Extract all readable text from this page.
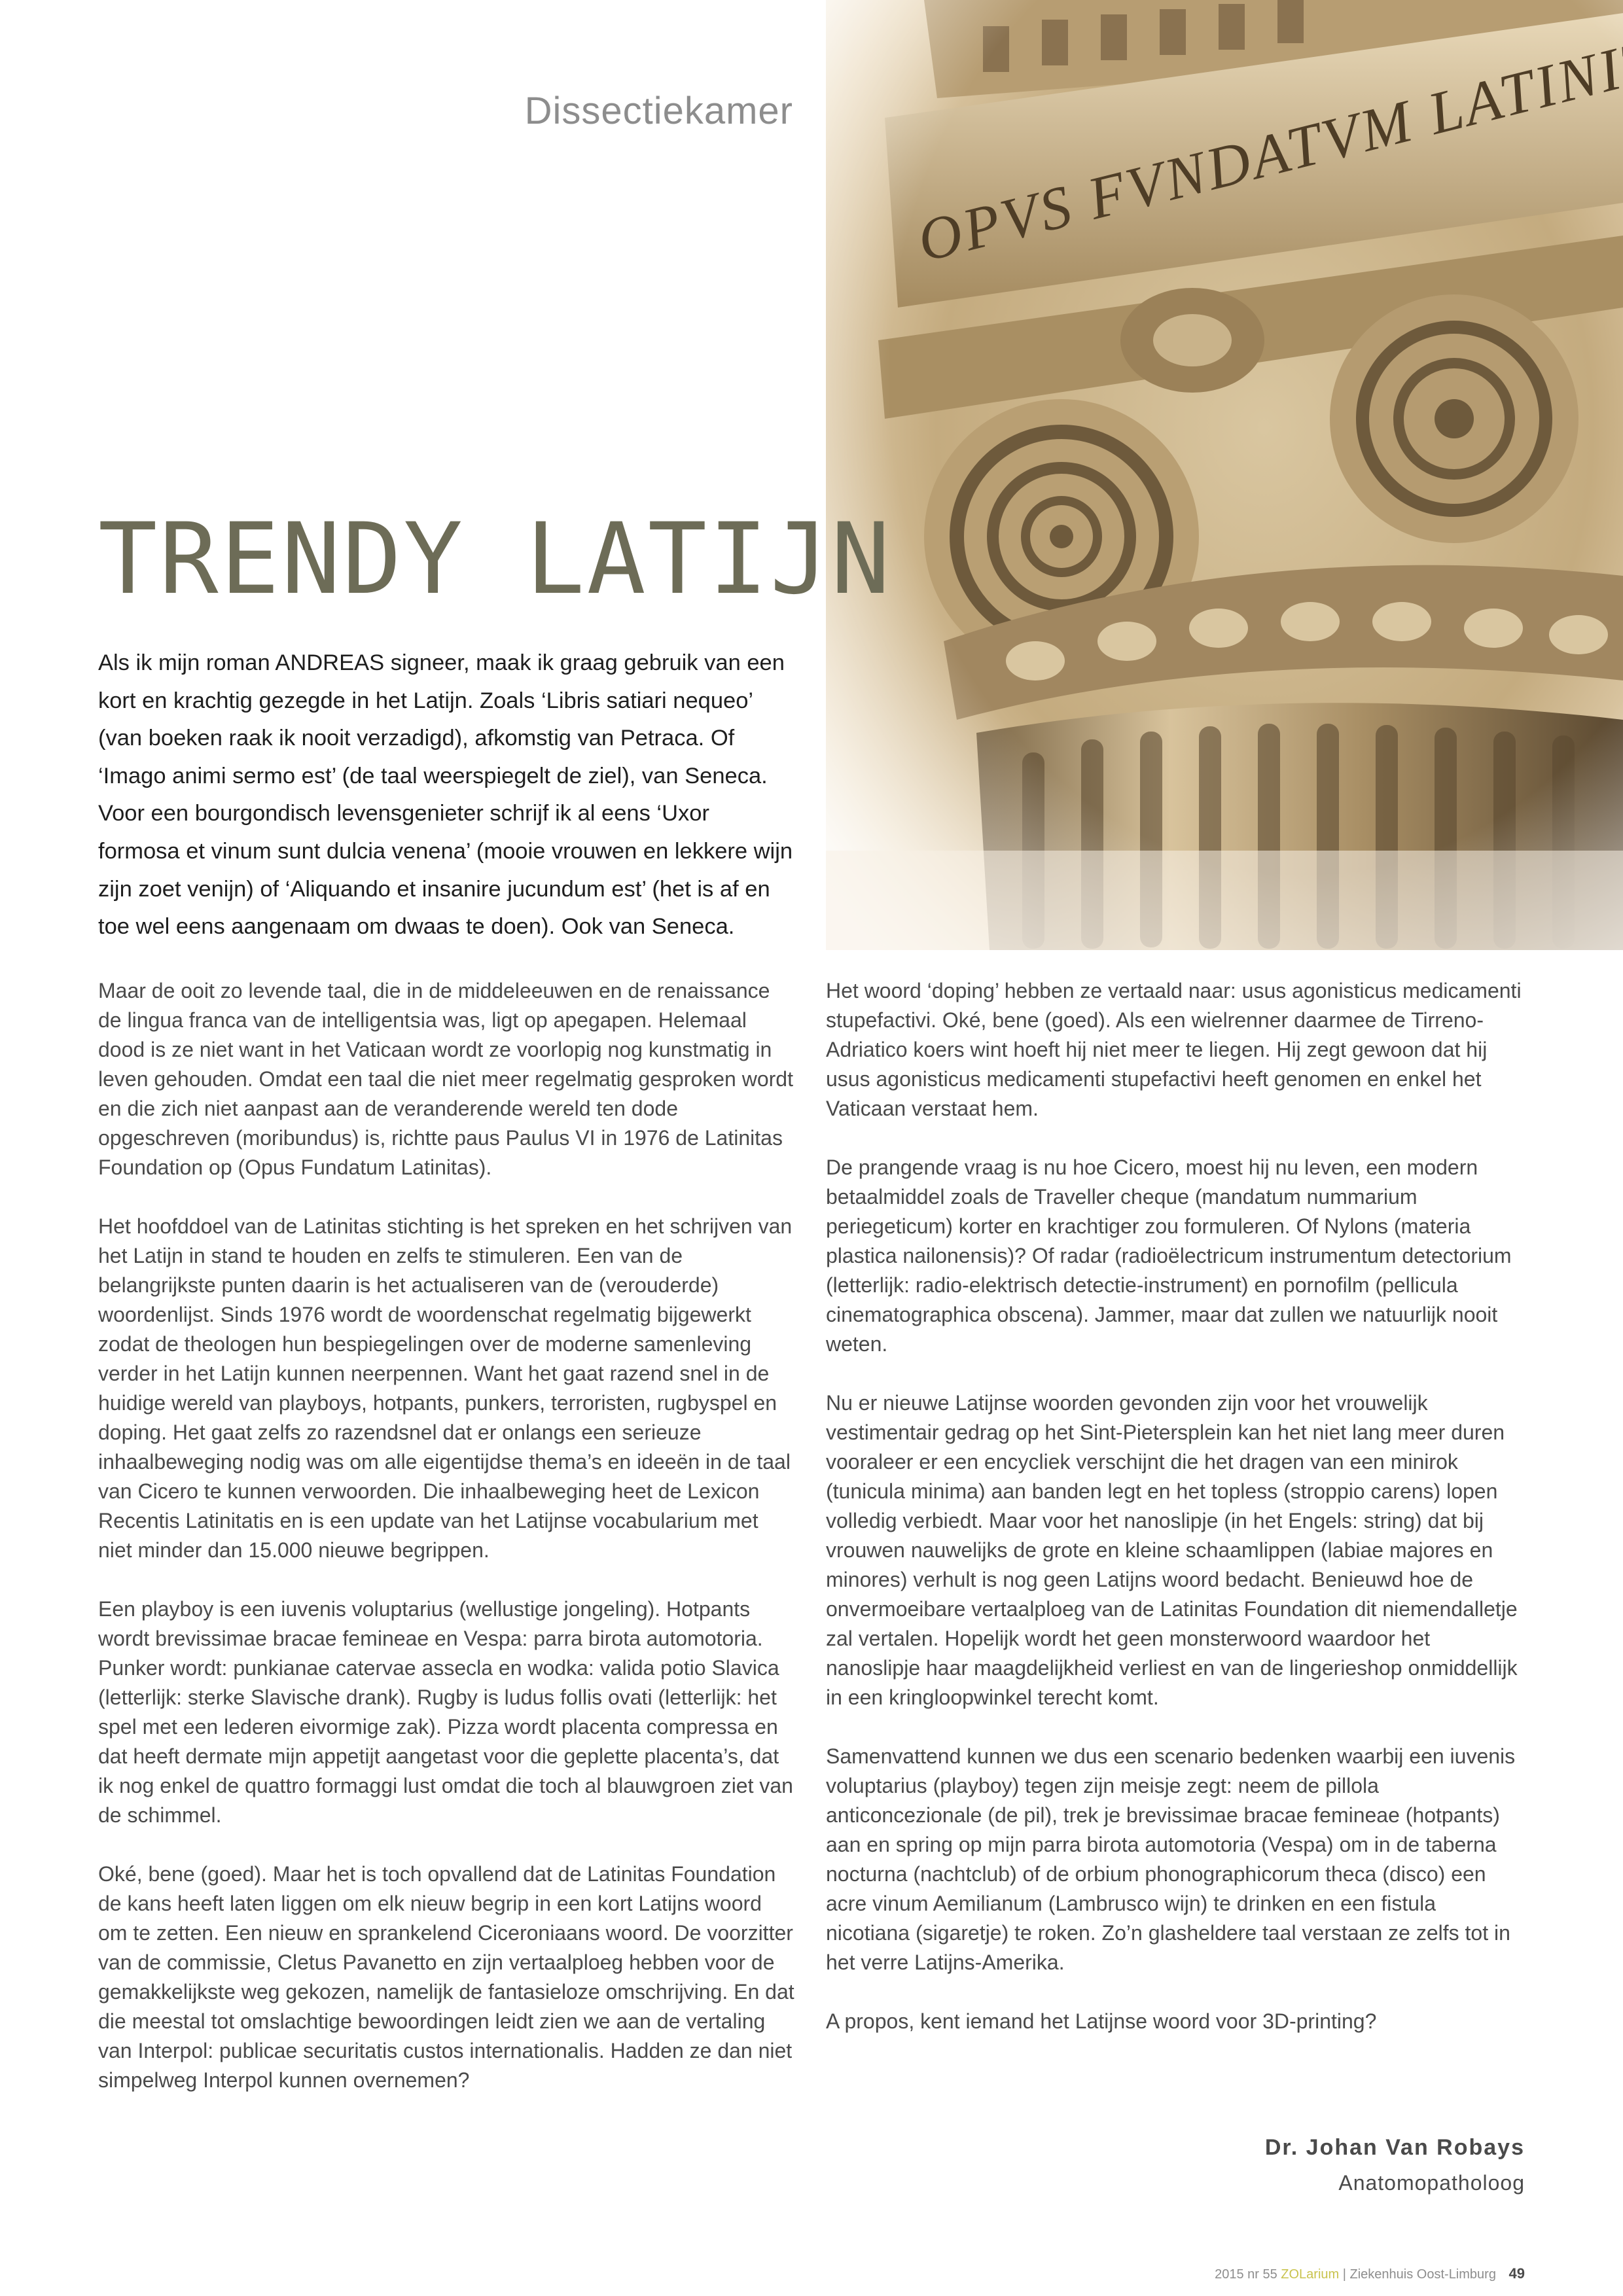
Dissectiekamer
TRENDY LATIJN

Als ik mijn roman ANDREAS signeer, maak ik graag gebruik van een kort en krachtig gezegde in het Latijn. Zoals ‘Libris satiari nequeo’ (van boeken raak ik nooit verzadigd), afkomstig van Petraca. Of ‘Imago animi sermo est’ (de taal weerspiegelt de ziel), van Seneca. Voor een bourgondisch levensgenieter schrijf ik al eens ‘Uxor formosa et vinum sunt dulcia venena’ (mooie vrouwen en lekkere wijn zijn zoet venijn) of ‘Aliquando et insanire jucundum est’ (het is af en toe wel eens aangenaam om dwaas te doen). Ook van Seneca.

Maar de ooit zo levende taal, die in de middeleeuwen en de renaissance de lingua franca van de intelligentsia was, ligt op apegapen. Helemaal dood is ze niet want in het Vaticaan wordt ze voorlopig nog kunstmatig in leven gehouden. Omdat een taal die niet meer regelmatig gesproken wordt en die zich niet aanpast aan de veranderende wereld ten dode opgeschreven (moribundus) is, richtte paus Paulus VI in 1976 de Latinitas Foundation op (Opus Fundatum Latinitas).

Het hoofddoel van de Latinitas stichting is het spreken en het schrijven van het Latijn in stand te houden en zelfs te stimuleren. Een van de belangrijkste punten daarin is het actualiseren van de (verouderde) woordenlijst. Sinds 1976 wordt de woordenschat regelmatig bijgewerkt zodat de theologen hun bespiegelingen over de moderne samenleving verder in het Latijn kunnen neerpennen. Want het gaat razend snel in de huidige wereld van playboys, hotpants, punkers, terroristen, rugbyspel en doping. Het gaat zelfs zo razendsnel dat er onlangs een serieuze inhaalbeweging nodig was om alle eigentijdse thema’s en ideeën in de taal van Cicero te kunnen verwoorden. Die inhaalbeweging heet de Lexicon Recentis Latinitatis en is een update van het Latijnse vocabularium met niet minder dan 15.000 nieuwe begrippen.

Een playboy is een iuvenis voluptarius (wellustige jongeling). Hotpants wordt brevissimae bracae femineae en Vespa: parra birota automotoria. Punker wordt: punkianae catervae assecla en wodka: valida potio Slavica (letterlijk: sterke Slavische drank). Rugby is ludus follis ovati (letterlijk: het spel met een lederen eivormige zak). Pizza wordt placenta compressa en dat heeft dermate mijn appetijt aangetast voor die geplette placenta’s, dat ik nog enkel de quattro formaggi lust omdat die toch al blauwgroen ziet van de schimmel.

Oké, bene (goed). Maar het is toch opvallend dat de Latinitas Foundation de kans heeft laten liggen om elk nieuw begrip in een kort Latijns woord om te zetten. Een nieuw en sprankelend Ciceroniaans woord. De voorzitter van de commissie, Cletus Pavanetto en zijn vertaalploeg hebben voor de gemakkelijkste weg gekozen, namelijk de fantasieloze omschrijving. En dat die meestal tot omslachtige bewoordingen leidt zien we aan de vertaling van Interpol: publicae securitatis custos internationalis. Hadden ze dan niet simpelweg Interpol kunnen overnemen?

Het woord ‘doping’ hebben ze vertaald naar: usus agonisticus medicamenti stupefactivi. Oké, bene (goed). Als een wielrenner daarmee de Tirreno-Adriatico koers wint hoeft hij niet meer te liegen. Hij zegt gewoon dat hij usus agonisticus medicamenti stupefactivi heeft genomen en enkel het Vaticaan verstaat hem.

De prangende vraag is nu hoe Cicero, moest hij nu leven, een modern betaalmiddel zoals de Traveller cheque (mandatum nummarium periegeticum) korter en krachtiger zou formuleren. Of Nylons (materia plastica nailonensis)? Of radar (radioëlectricum instrumentum detectorium (letterlijk: radio-elektrisch detectie-instrument) en pornofilm (pellicula cinematographica obscena). Jammer, maar dat zullen we natuurlijk nooit weten.

Nu er nieuwe Latijnse woorden gevonden zijn voor het vrouwelijk vestimentair gedrag op het Sint-Pietersplein kan het niet lang meer duren vooraleer er een encycliek verschijnt die het dragen van een minirok (tunicula minima) aan banden legt en het topless (stroppio carens) lopen volledig verbiedt. Maar voor het nanoslipje (in het Engels: string) dat bij vrouwen nauwelijks de grote en kleine schaamlippen (labiae majores en minores) verhult is nog geen Latijns woord bedacht. Benieuwd hoe de onvermoeibare vertaalploeg van de Latinitas Foundation dit niemendalletje zal vertalen. Hopelijk wordt het geen monsterwoord waardoor het nanoslipje haar maagdelijkheid verliest en van de lingerieshop onmiddellijk in een kringloopwinkel terecht komt.

Samenvattend kunnen we dus een scenario bedenken waarbij een iuvenis voluptarius (playboy) tegen zijn meisje zegt: neem de pillola anticoncezionale (de pil), trek je brevissimae bracae femineae (hotpants) aan en spring op mijn parra birota automotoria (Vespa) om in de taberna nocturna (nachtclub) of de orbium phonographicorum theca (disco) een acre vinum Aemilianum (Lambrusco wijn) te drinken en een fistula nicotiana (sigaretje) te roken. Zo’n glasheldere taal verstaan ze zelfs tot in het verre Latijns-Amerika.

A propos, kent iemand het Latijnse woord voor 3D-printing?

Dr. Johan Van Robays
Anatomopatholoog
2015 nr 55 ZOLarium | Ziekenhuis Oost-Limburg 49
